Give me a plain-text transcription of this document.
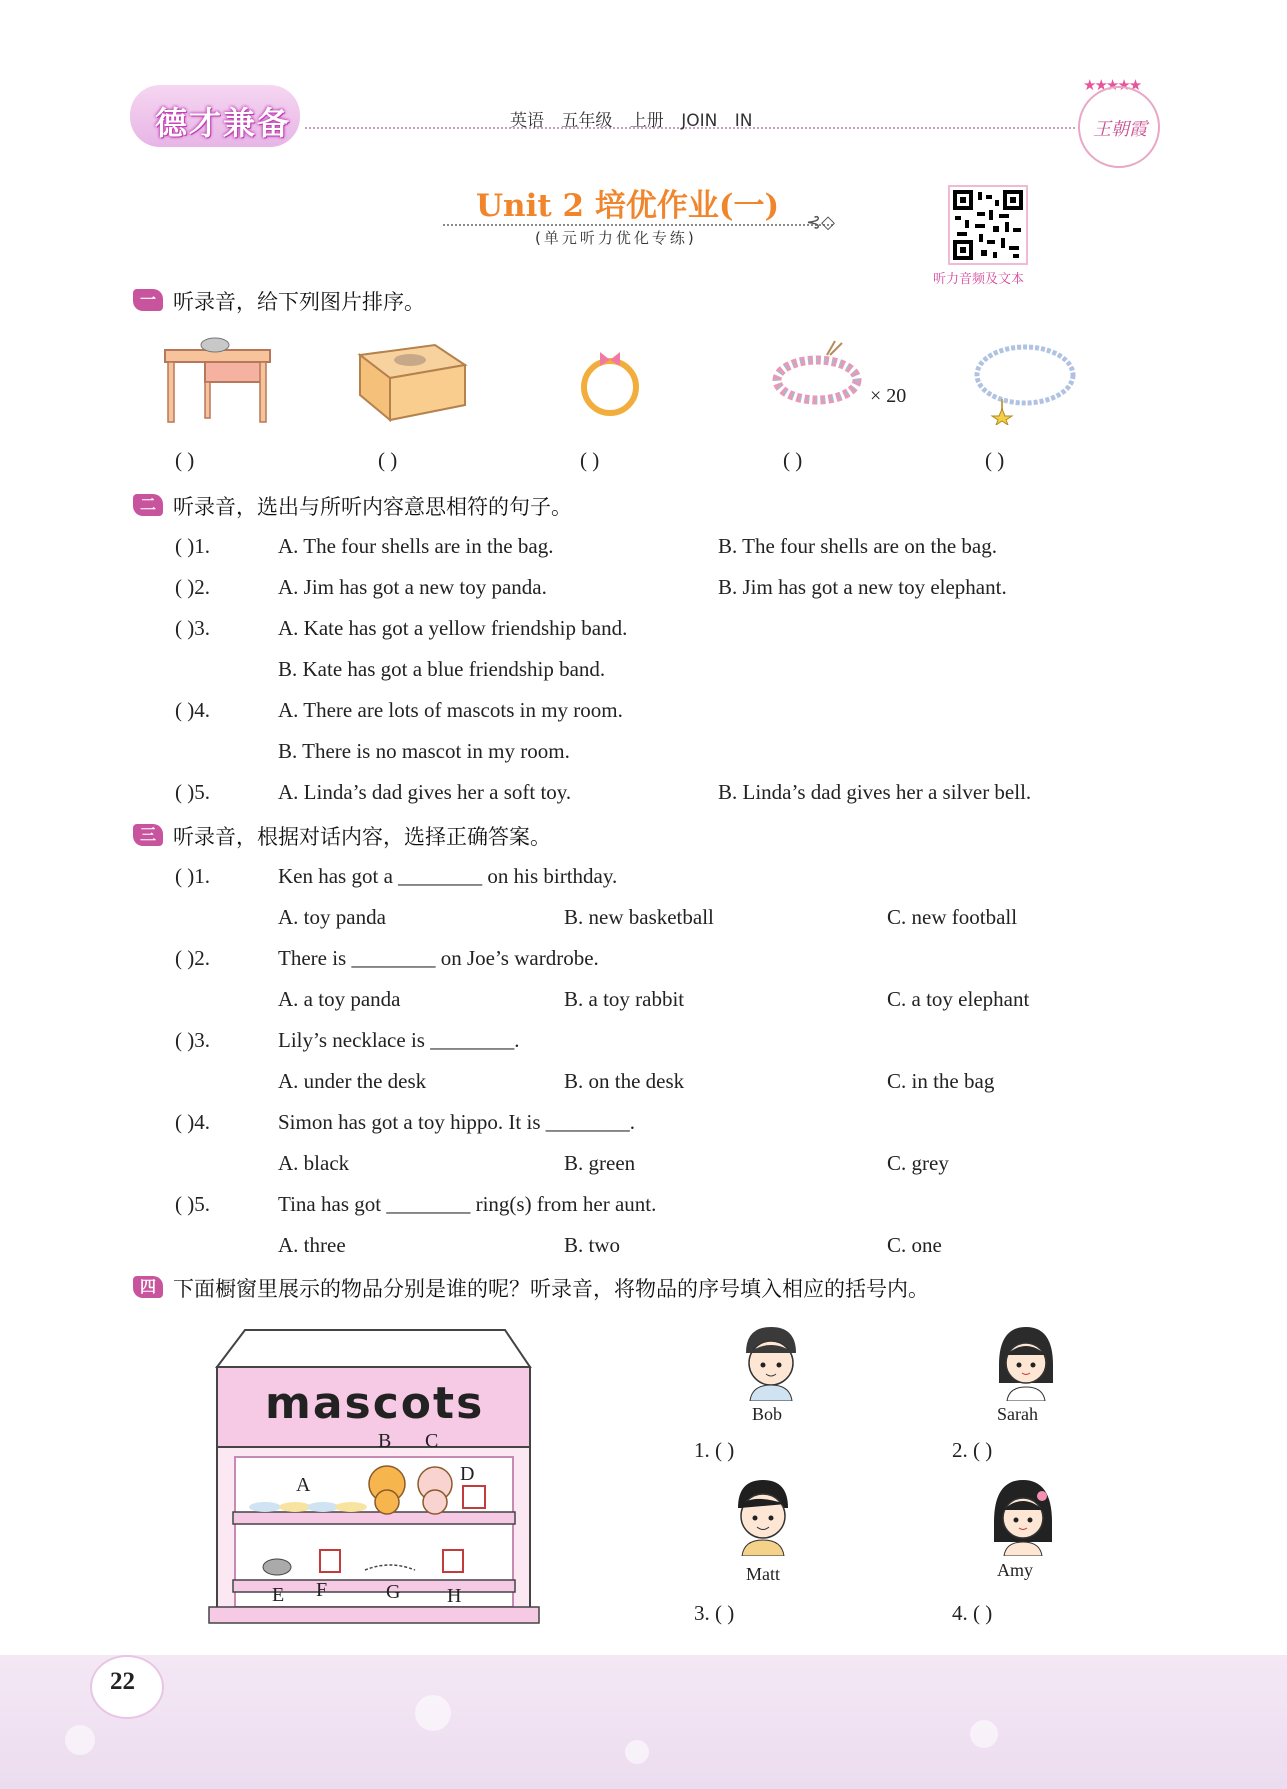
德才兼备	英语 五年级 上册 JOIN IN
★★★★★
王朝霞
Unit 2 培优作业(一) ⊰◇
(单元听力优化专练)
听力音频及文本
一 听录音，给下列图片排序。
× 20
( )	( )	( )	( )	( )
二 听录音，选出与所听内容意思相符的句子。
( )1.	A. The four shells are in the bag.	B. The four shells are on the bag.
( )2.	A. Jim has got a new toy panda.	B. Jim has got a new toy elephant.
( )3.	A. Kate has got a yellow friendship band.
B. Kate has got a blue friendship band.
( )4.	A. There are lots of mascots in my room.
B. There is no mascot in my room.
( )5.	A. Linda’s dad gives her a soft toy.	B. Linda’s dad gives her a silver bell.
三 听录音，根据对话内容，选择正确答案。
( )1.	Ken has got a ________ on his birthday.
A. toy panda	B. new basketball	C. new football
( )2.	There is ________ on Joe’s wardrobe.
A. a toy panda	B. a toy rabbit	C. a toy elephant
( )3.	Lily’s necklace is ________.
A. under the desk	B. on the desk	C. in the bag
( )4.	Simon has got a toy hippo. It is ________.
A. black	B. green	C. grey
( )5.	Tina has got ________ ring(s) from her aunt.
A. three	B. two	C. one
四 下面橱窗里展示的物品分别是谁的呢？听录音，将物品的序号填入相应的括号内。
mascots
A
B C
D
E F	G H
Bob
1. ( )
Sarah
2. ( )
Matt
3. ( )
Amy
4. ( )
22
